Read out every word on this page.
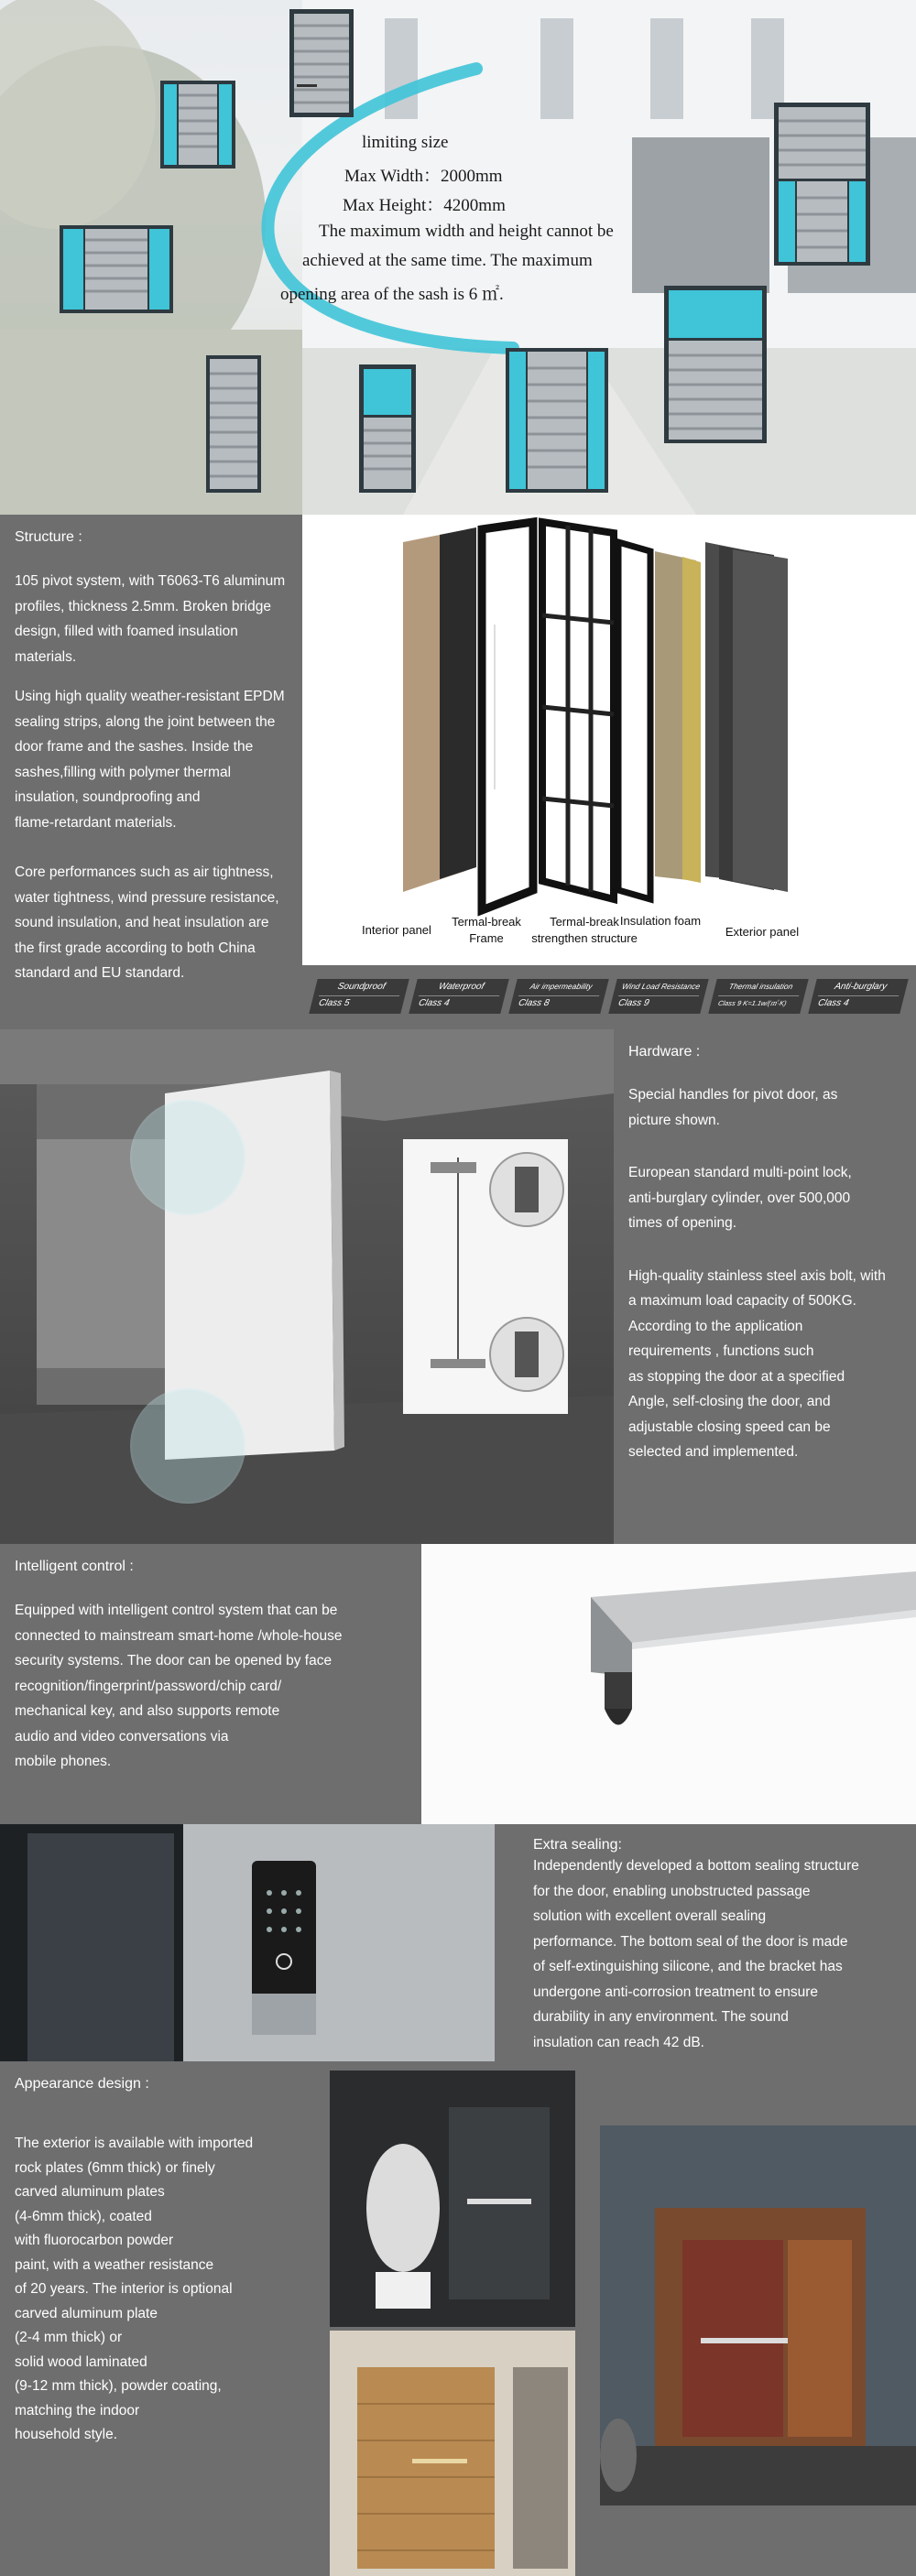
limiting size
Max Width：2000mm
Max Height：4200mm
The maximum width and height cannot be
achieved at the same time. The maximum
opening area of the sash is 6 ㎡.
Structure :

105 pivot system, with T6063-T6 aluminum
profiles, thickness 2.5mm. Broken bridge
design, filled with foamed insulation
materials.

Using high quality weather-resistant EPDM
sealing strips, along the joint between the
door frame and the sashes. Inside the
sashes,filling with polymer thermal
insulation, soundproofing and
flame-retardant materials.

Core performances such as air tightness,
water tightness, wind pressure resistance,
sound insulation, and heat insulation are
the first grade according to both China
standard and EU standard.

Interior panel
Termal-break
Frame
Termal-break
strengthen structure
Insulation foam
Exterior panel
Soundproof
Class 5
Waterproof
Class 4
Air impermeability
Class 8
Wind Load Resistance
Class 9
Thermal insulation
Class 9 K=1.1w/(㎡·K)
Anti-burglary
Class 4
Hardware :

Special handles for pivot door, as
picture shown.

European standard multi-point lock,
anti-burglary cylinder, over 500,000
times of opening.

High-quality stainless steel axis bolt, with
a maximum load capacity of 500KG.
According to the application
requirements , functions such
as stopping the door at a specified
Angle, self-closing the door, and
adjustable closing speed can be
selected and implemented.

Intelligent control :

Equipped with intelligent control system that can be
connected to mainstream smart-home /whole-house
security systems. The door can be opened by face
recognition/fingerprint/password/chip card/
mechanical key, and also supports remote
audio and video conversations via
mobile phones.

Extra sealing:

Independently developed a bottom sealing structure
for the door, enabling unobstructed passage
solution with excellent overall sealing
performance. The bottom seal of the door is made
of self-extinguishing silicone, and the bracket has
undergone anti-corrosion treatment to ensure
durability in any environment. The sound
insulation can reach 42 dB.

Appearance design :

The exterior is available with imported
rock plates (6mm thick) or finely
carved aluminum plates
(4-6mm thick), coated
with fluorocarbon powder
paint, with a weather resistance
of 20 years. The interior is optional
carved aluminum plate
(2-4 mm thick) or
solid wood laminated
(9-12 mm thick), powder coating,
matching the indoor
household style.
